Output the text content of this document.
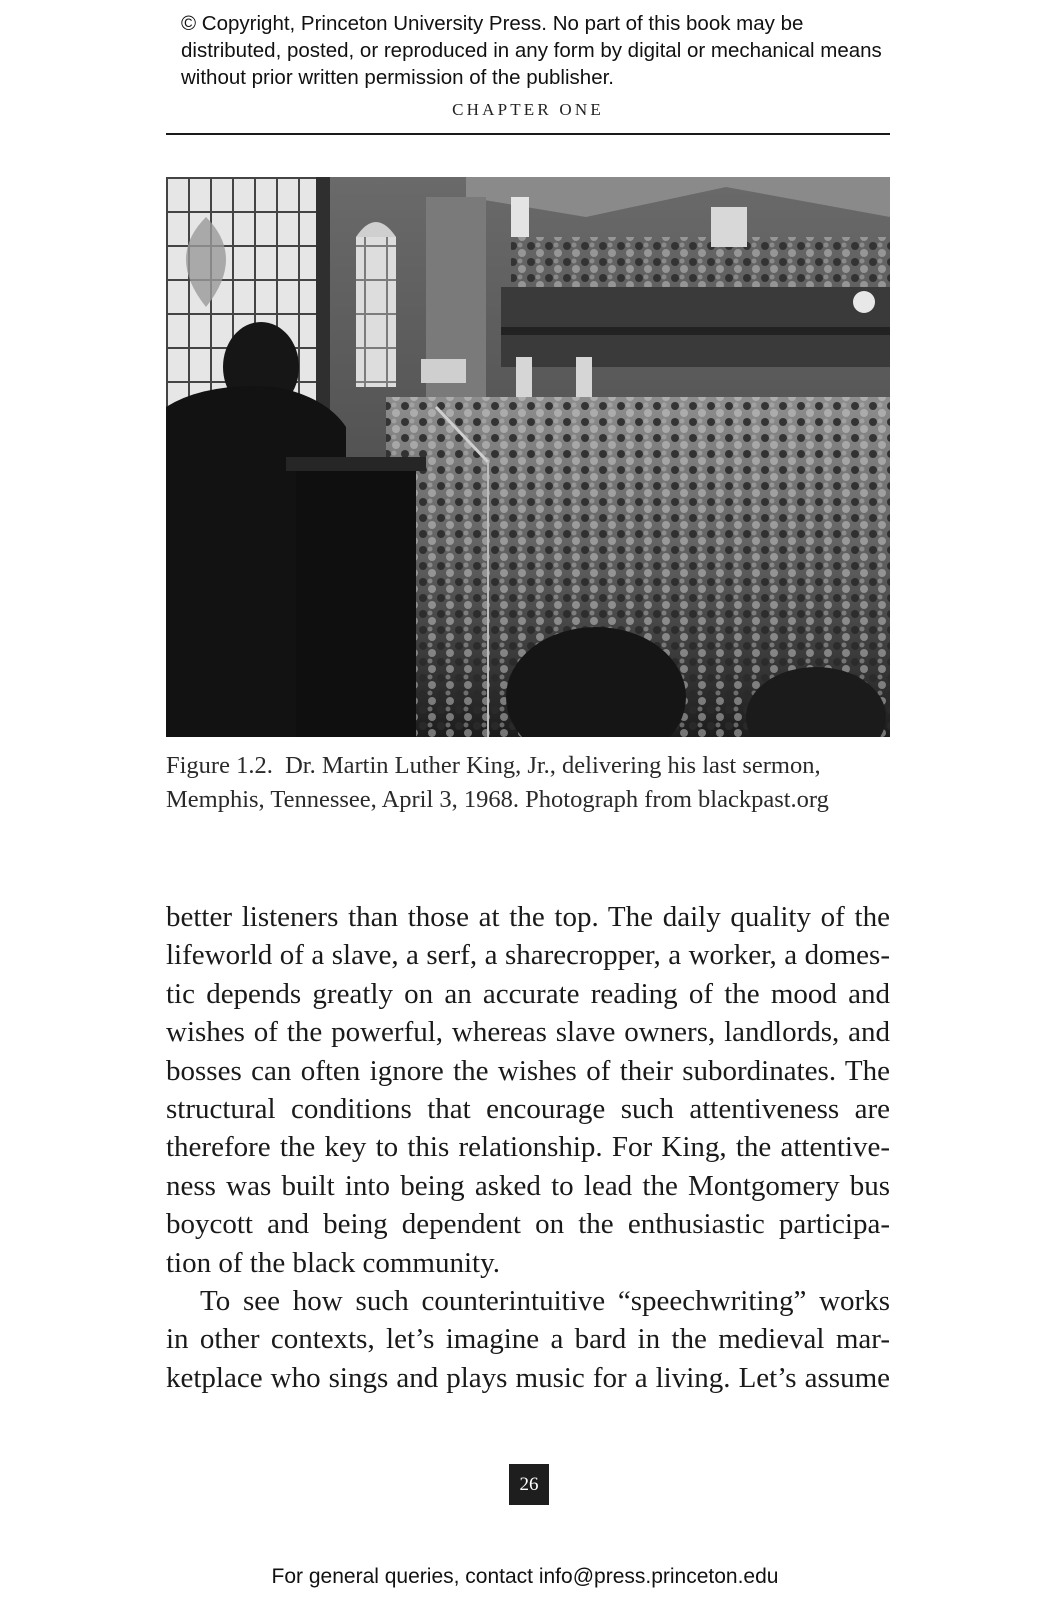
© Copyright, Princeton University Press. No part of this book may be distributed, posted, or reproduced in any form by digital or mechanical means without prior written permission of the publisher.
CHAPTER ONE
Figure 1.2.  Dr. Martin Luther King, Jr., delivering his last sermon,
Memphis, Tennessee, April 3, 1968. Photograph from blackpast.org

better listeners than those at the top. The daily quality of the

lifeworld of a slave, a serf, a sharecropper, a worker, a domes-

tic depends greatly on an accurate reading of the mood and

wishes of the powerful, whereas slave owners, landlords, and

bosses can often ignore the wishes of their subordinates. The

structural conditions that encourage such attentiveness are

therefore the key to this relationship. For King, the attentive-

ness was built into being asked to lead the Montgomery bus

boycott and being dependent on the enthusiastic participa-

tion of the black community.

To see how such counterintuitive “speechwriting” works

in other contexts, let’s imagine a bard in the medieval mar-

ketplace who sings and plays music for a living. Let’s assume

26
For general queries, contact info@press.princeton.edu
